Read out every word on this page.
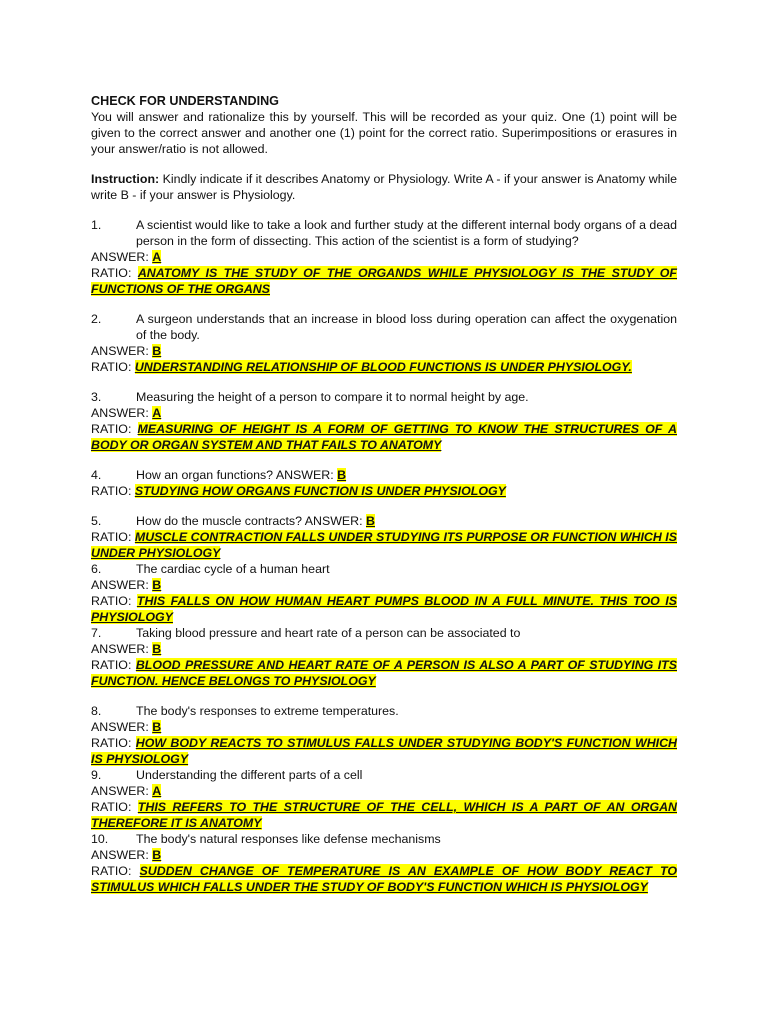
CHECK FOR UNDERSTANDING

You will answer and rationalize this by yourself. This will be recorded as your quiz. One (1) point will be given to the correct answer and another one (1) point for the correct ratio. Superimpositions or erasures in your answer/ratio is not allowed.

Instruction: Kindly indicate if it describes Anatomy or Physiology. Write A - if your answer is Anatomy while write B - if your answer is Physiology.

1.	A scientist would like to take a look and further study at the different internal body organs of a dead person in the form of dissecting. This action of the scientist is a form of studying?

ANSWER: A

RATIO: ANATOMY IS THE STUDY OF THE ORGANDS WHILE PHYSIOLOGY IS THE STUDY OF FUNCTIONS OF THE ORGANS

2.	A surgeon understands that an increase in blood loss during operation can affect the oxygenation of the body.

ANSWER: B

RATIO: UNDERSTANDING RELATIONSHIP OF BLOOD FUNCTIONS IS UNDER PHYSIOLOGY.

3.	Measuring the height of a person to compare it to normal height by age.

ANSWER: A

RATIO: MEASURING OF HEIGHT IS A FORM OF GETTING TO KNOW THE STRUCTURES OF A BODY OR ORGAN SYSTEM AND THAT FAILS TO ANATOMY

4.	How an organ functions? ANSWER: B

RATIO: STUDYING HOW ORGANS FUNCTION IS UNDER PHYSIOLOGY

5.	How do the muscle contracts? ANSWER: B

RATIO: MUSCLE CONTRACTION FALLS UNDER STUDYING ITS PURPOSE OR FUNCTION WHICH IS UNDER PHYSIOLOGY

6.	The cardiac cycle of a human heart

ANSWER: B

RATIO: THIS FALLS ON HOW HUMAN HEART PUMPS BLOOD IN A FULL MINUTE. THIS TOO IS PHYSIOLOGY

7.	Taking blood pressure and heart rate of a person can be associated to

ANSWER: B

RATIO: BLOOD PRESSURE AND HEART RATE OF A PERSON IS ALSO A PART OF STUDYING ITS FUNCTION. HENCE BELONGS TO PHYSIOLOGY

8.	The body's responses to extreme temperatures.

ANSWER: B

RATIO: HOW BODY REACTS TO STIMULUS FALLS UNDER STUDYING BODY'S FUNCTION WHICH IS PHYSIOLOGY

9.	Understanding the different parts of a cell

ANSWER: A

RATIO: THIS REFERS TO THE STRUCTURE OF THE CELL, WHICH IS A PART OF AN ORGAN THEREFORE IT IS ANATOMY

10.	The body's natural responses like defense mechanisms

ANSWER: B

RATIO: SUDDEN CHANGE OF TEMPERATURE IS AN EXAMPLE OF HOW BODY REACT TO STIMULUS WHICH FALLS UNDER THE STUDY OF BODY'S FUNCTION WHICH IS PHYSIOLOGY
